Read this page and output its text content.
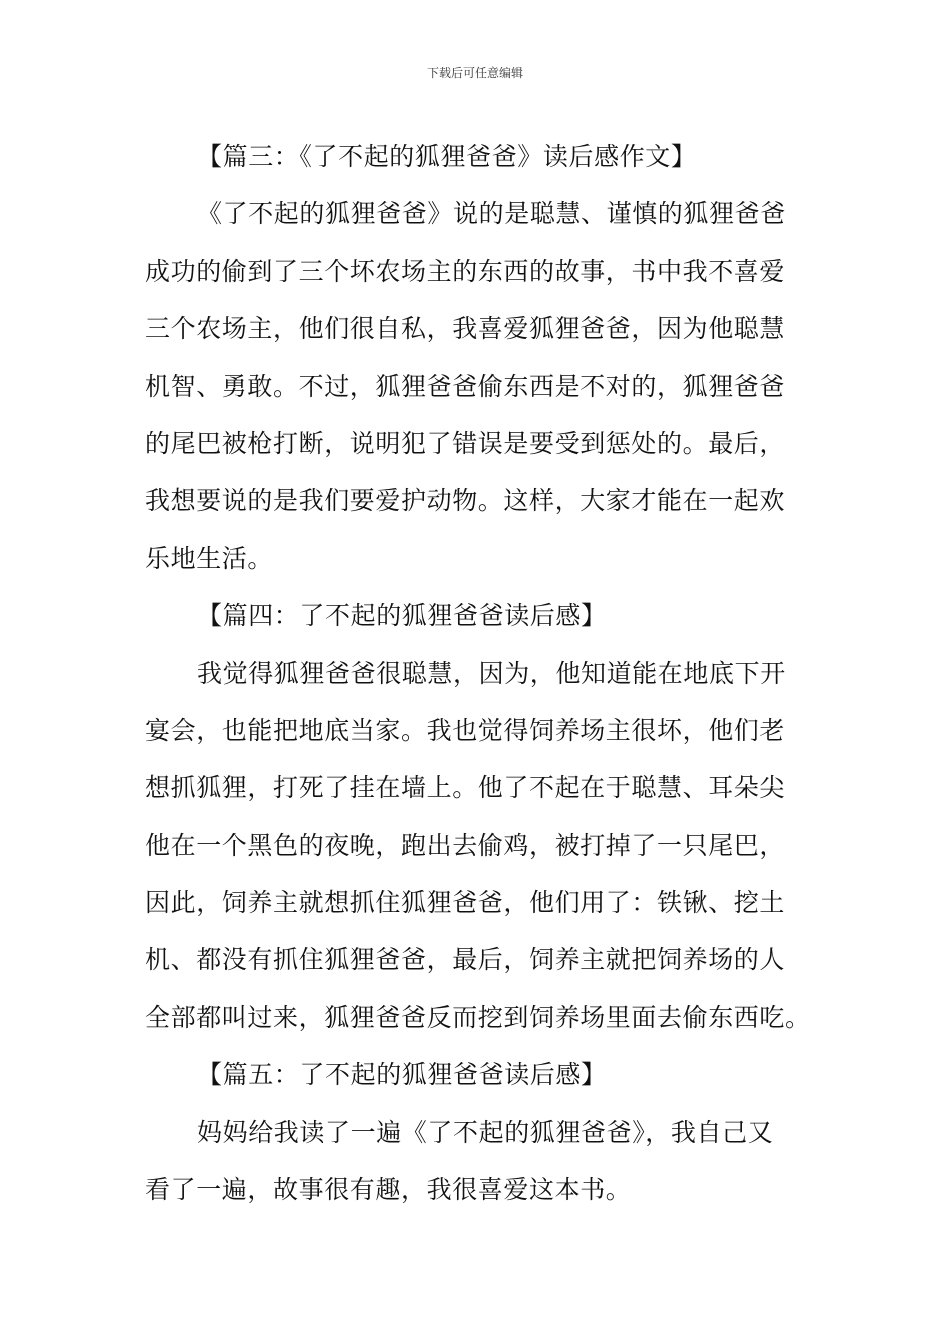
下载后可任意编辑
【篇三：《了不起的狐狸爸爸》读后感作文】
《了不起的狐狸爸爸》说的是聪慧、谨慎的狐狸爸爸
成功的偷到了三个坏农场主的东西的故事，书中我不喜爱
三个农场主，他们很自私，我喜爱狐狸爸爸，因为他聪慧
机智、勇敢。不过，狐狸爸爸偷东西是不对的，狐狸爸爸
的尾巴被枪打断，说明犯了错误是要受到惩处的。最后，
我想要说的是我们要爱护动物。这样，大家才能在一起欢
乐地生活。
【篇四：了不起的狐狸爸爸读后感】
我觉得狐狸爸爸很聪慧，因为，他知道能在地底下开
宴会，也能把地底当家。我也觉得饲养场主很坏，他们老
想抓狐狸，打死了挂在墙上。他了不起在于聪慧、耳朵尖
他在一个黑色的夜晚，跑出去偷鸡，被打掉了一只尾巴，
因此，饲养主就想抓住狐狸爸爸，他们用了：铁锹、挖土
机、都没有抓住狐狸爸爸，最后，饲养主就把饲养场的人
全部都叫过来，狐狸爸爸反而挖到饲养场里面去偷东西吃。
【篇五：了不起的狐狸爸爸读后感】
妈妈给我读了一遍《了不起的狐狸爸爸》，我自己又
看了一遍，故事很有趣，我很喜爱这本书。
